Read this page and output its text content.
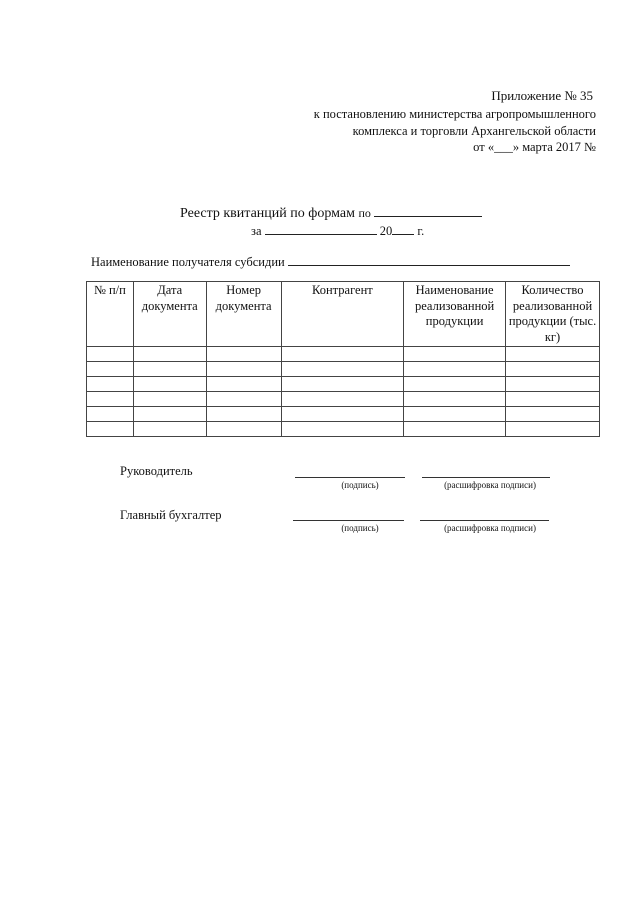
Приложение № 35
к постановлению министерства агропромышленного
комплекса и торговли Архангельской области
от «___» марта 2017 №
Реестр квитанций по формам по
за	20 г.
Наименование получателя субсидии
№ п/п	Дата документа	Номер документа	Контрагент	Наименование реализованной продукции	Количество реализованной продукции (тыс. кг)

Руководитель
(подпись)	(расшифровка подписи)
Главный бухгалтер
(подпись)	(расшифровка подписи)
